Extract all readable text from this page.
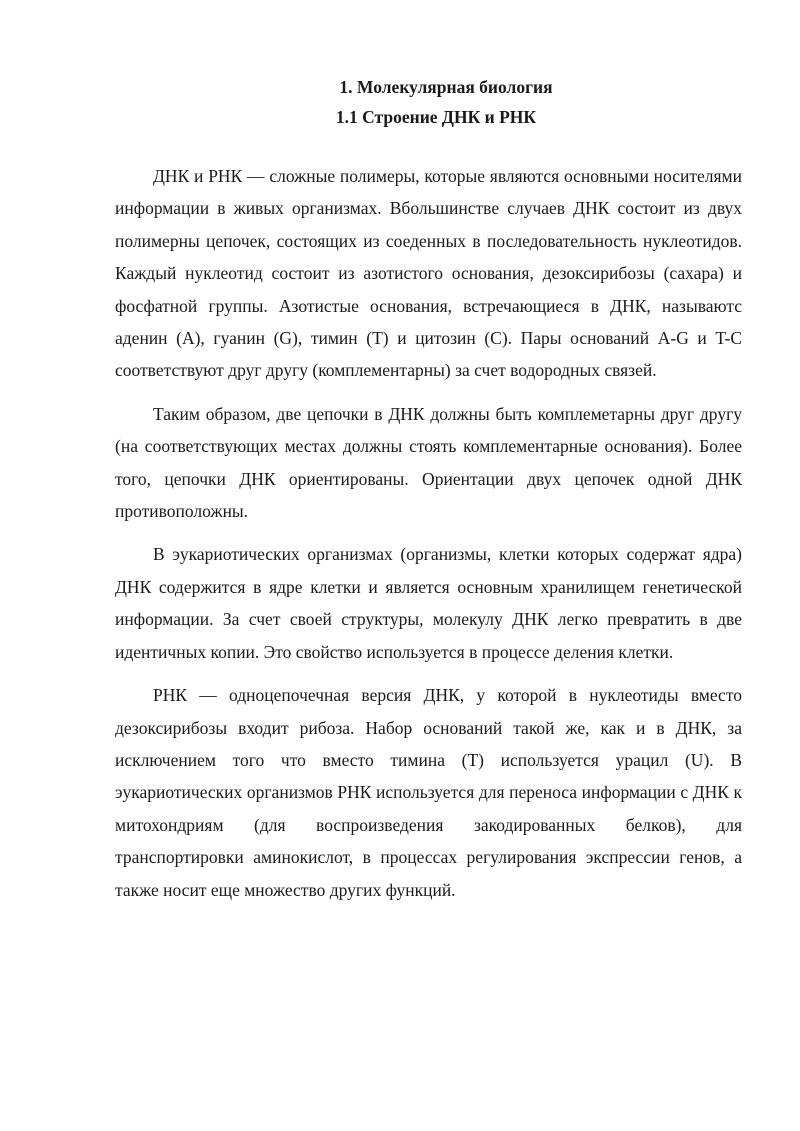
1. Молекулярная биология
1.1 Строение ДНК и РНК

ДНК и РНК — сложные полимеры, которые являются основными носителями информации в живых организмах. Вбольшинстве случаев ДНК состоит из двух полимерны цепочек, состоящих из соеденных в последовательность нуклеотидов. Каждый нуклеотид состоит из азотистого основания, дезоксирибозы (сахара) и фосфатной группы. Азотистые основания, встречающиеся в ДНК, называютс аденин (A), гуанин (G), тимин (T) и цитозин (C). Пары оснований A-G и T-C соответствуют друг другу (комплементарны) за счет водородных связей.

Таким образом, две цепочки в ДНК должны быть комплеметарны друг другу (на соответствующих местах должны стоять комплементарные основания). Более того, цепочки ДНК ориентированы. Ориентации двух цепочек одной ДНК противоположны.

В эукариотических организмах (организмы, клетки которых содержат ядра) ДНК содержится в ядре клетки и является основным хранилищем генетической информации. За счет своей структуры, молекулу ДНК легко превратить в две идентичных копии. Это свойство используется в процессе деления клетки.

РНК — одноцепочечная версия ДНК, у которой в нуклеотиды вместо дезоксирибозы входит рибоза. Набор оснований такой же, как и в ДНК, за исключением того что вместо тимина (T) используется урацил (U). В эукариотических организмов РНК используется для переноса информации с ДНК к митохондриям (для воспроизведения закодированных белков), для транспортировки аминокислот, в процессах регулирования экспрессии генов, а также носит еще множество других функций.
